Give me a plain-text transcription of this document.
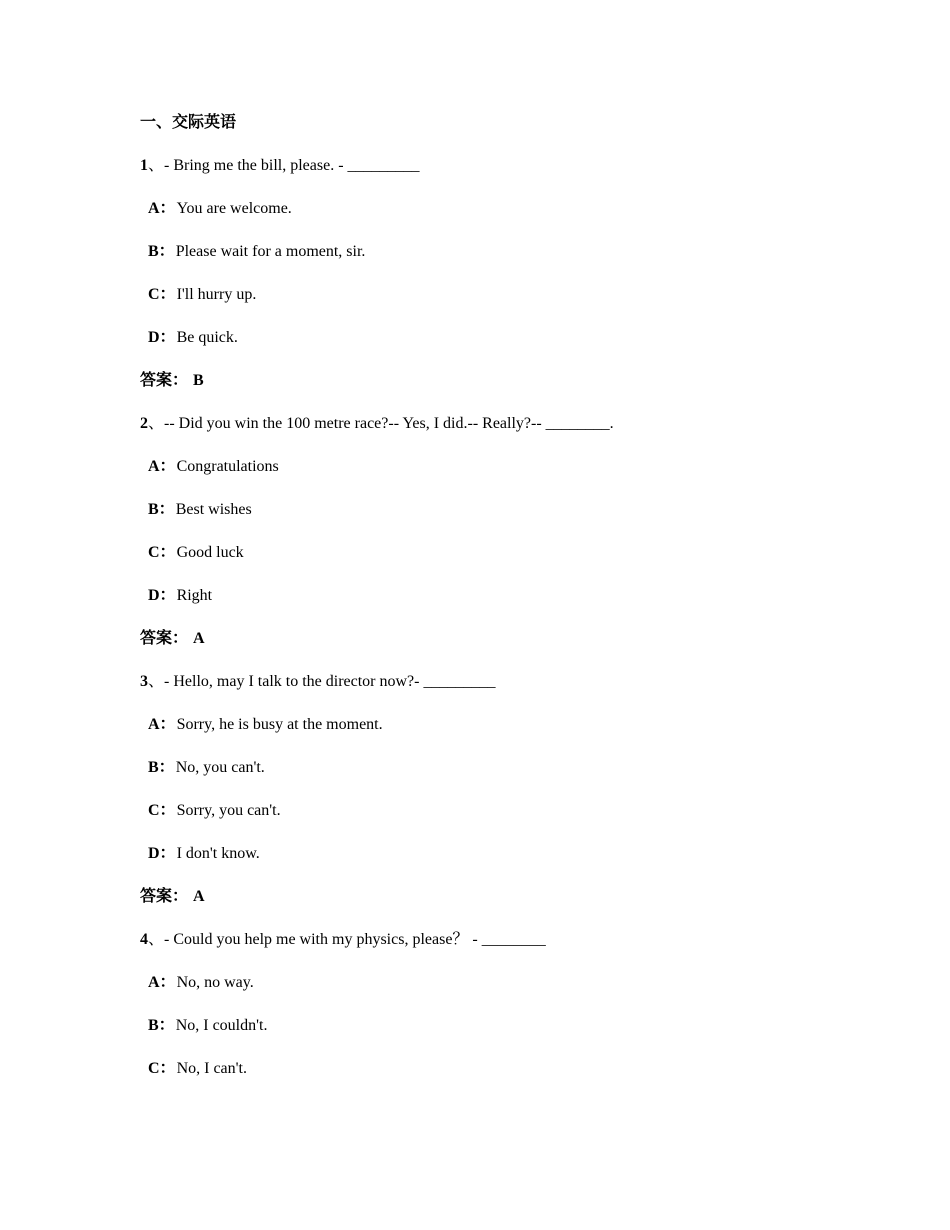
一、交际英语
1、- Bring me the bill, please. - _________
A：You are welcome.
B：Please wait for a moment, sir.
C：I'll hurry up.
D：Be quick.
答案： B
2、-- Did you win the 100 metre race?-- Yes, I did.-- Really?-- ________.
A：Congratulations
B：Best wishes
C：Good luck
D：Right
答案： A
3、- Hello, may I talk to the director now?- _________
A：Sorry, he is busy at the moment.
B：No, you can't.
C：Sorry, you can't.
D：I don't know.
答案： A
4、- Could you help me with my physics, please？ - ________
A：No, no way.
B：No, I couldn't.
C：No, I can't.
